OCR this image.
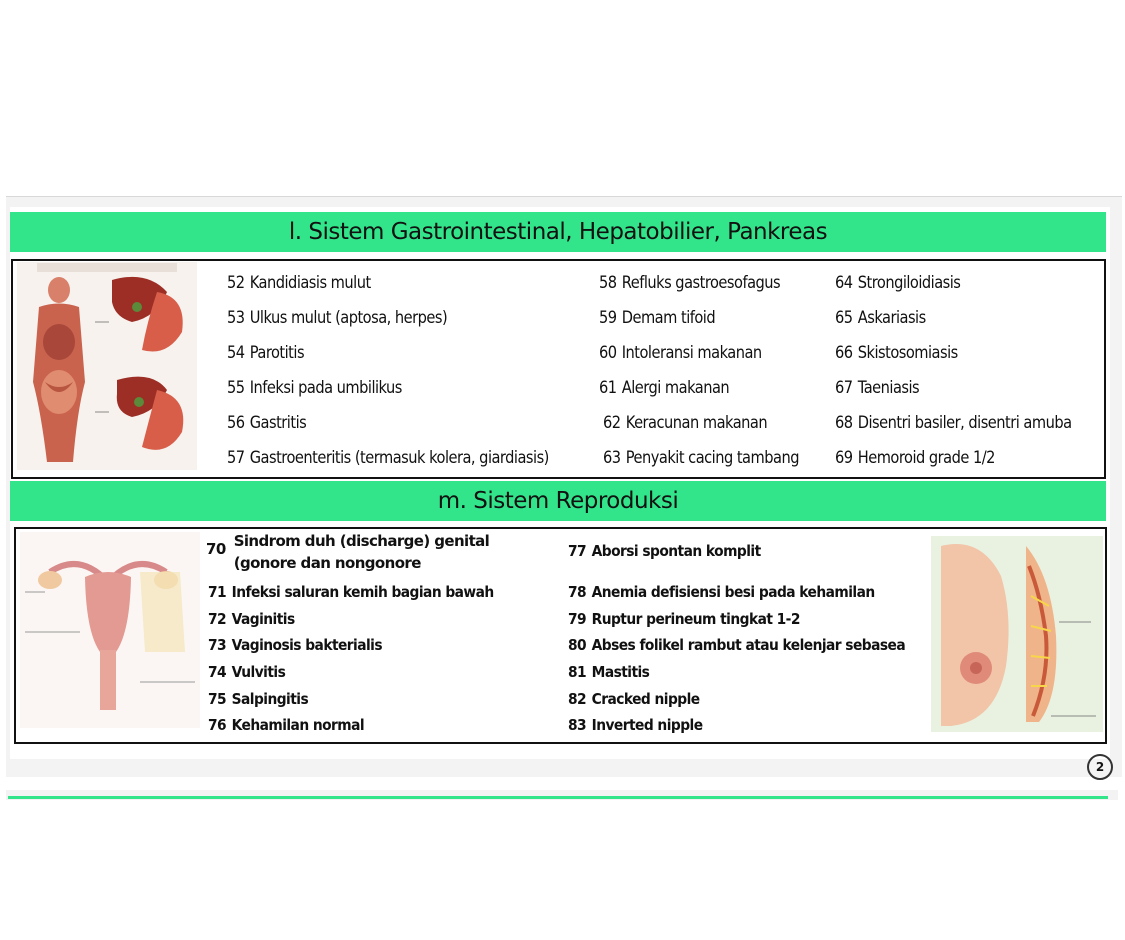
l. Sistem Gastrointestinal, Hepatobilier, Pankreas
52 Kandidiasis mulut
53 Ulkus mulut (aptosa, herpes)
54 Parotitis
55 Infeksi pada umbilikus
56 Gastritis
57 Gastroenteritis (termasuk kolera, giardiasis)
58 Refluks gastroesofagus
59 Demam tifoid
60 Intoleransi makanan
61 Alergi makanan
62 Keracunan makanan
63 Penyakit cacing tambang
64 Strongiloidiasis
65 Askariasis
66 Skistosomiasis
67 Taeniasis
68 Disentri basiler, disentri amuba
69 Hemoroid grade 1/2
m. Sistem Reproduksi
70 Sindrom duh (discharge) genital (gonore dan nongonore
71 Infeksi saluran kemih bagian bawah
72 Vaginitis
73 Vaginosis bakterialis
74 Vulvitis
75 Salpingitis
76 Kehamilan normal
77 Aborsi spontan komplit
78 Anemia defisiensi besi pada kehamilan
79 Ruptur perineum tingkat 1-2
80 Abses folikel rambut atau kelenjar sebasea
81 Mastitis
82 Cracked nipple
83 Inverted nipple
2
